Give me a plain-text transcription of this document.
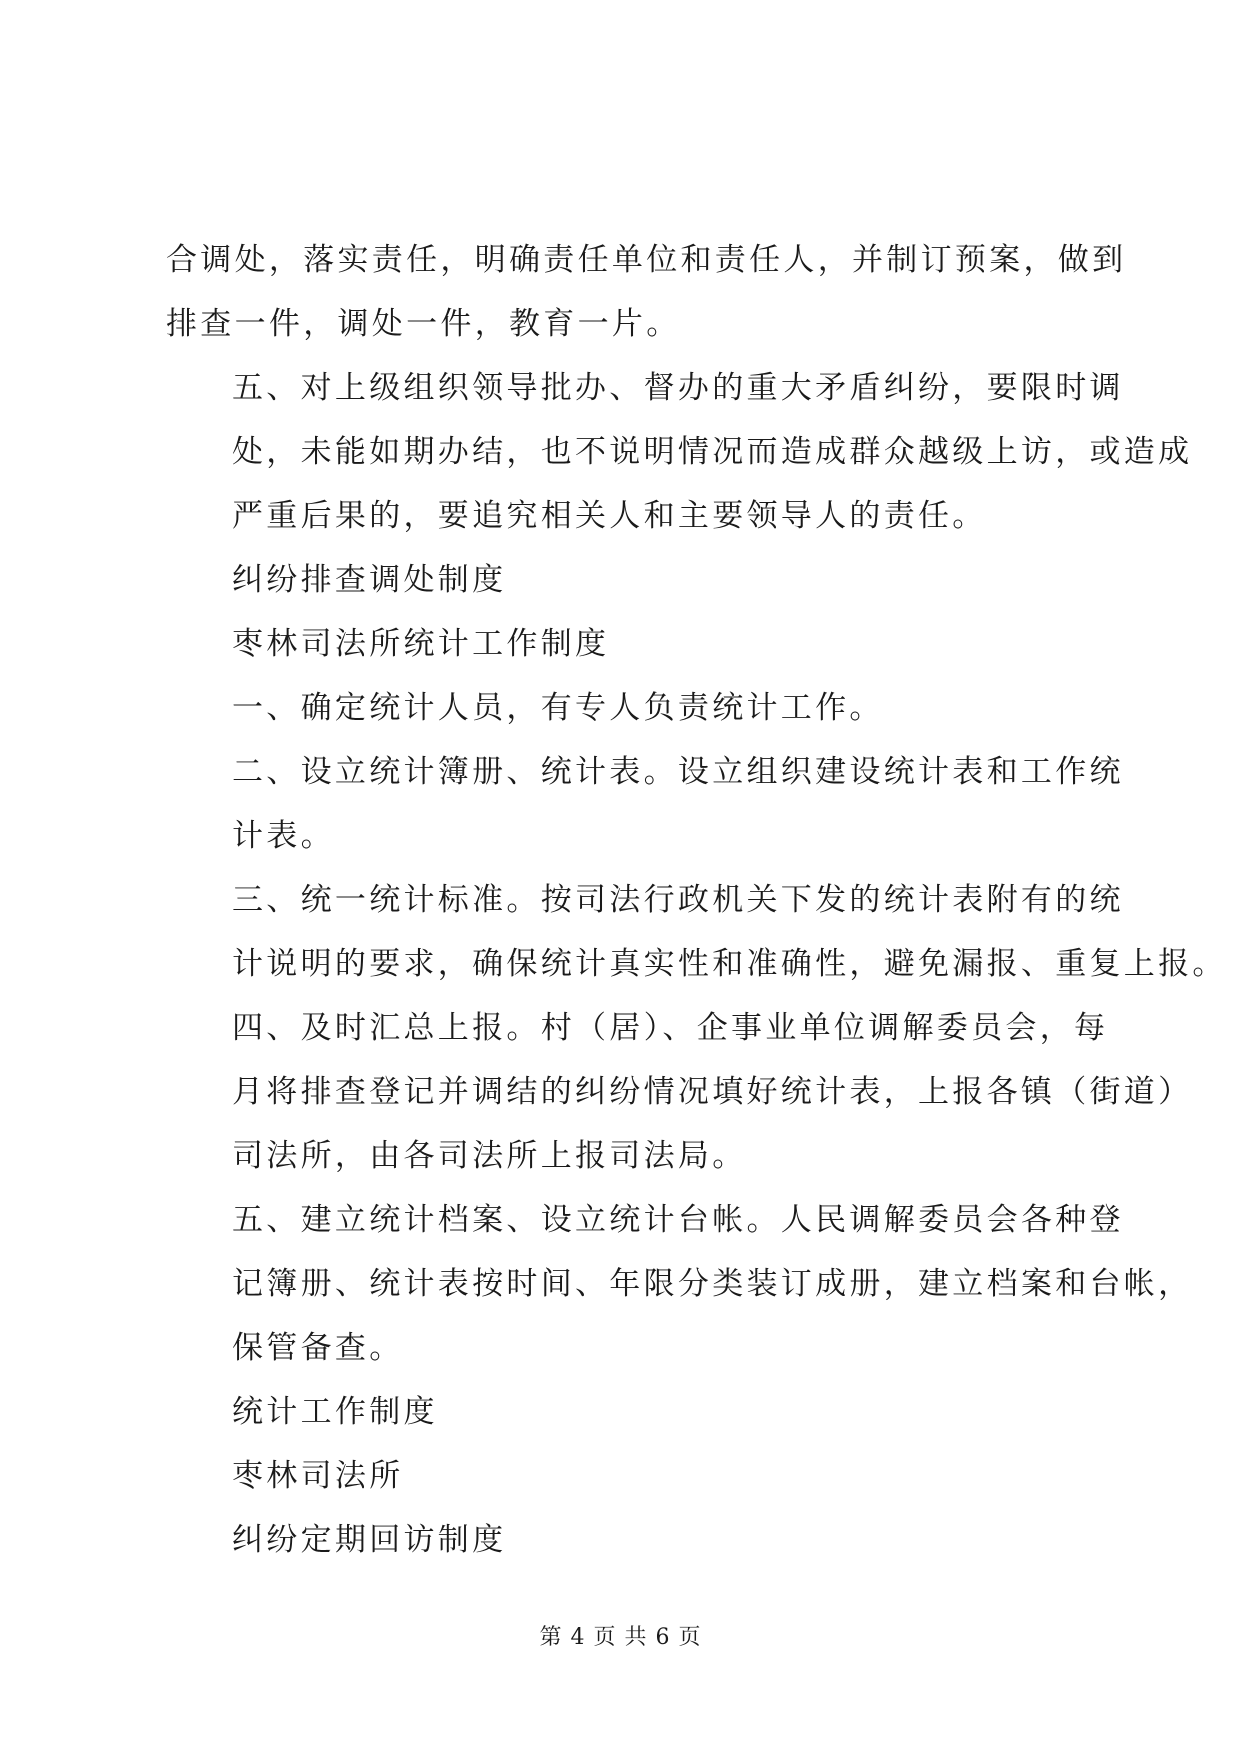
合调处，落实责任，明确责任单位和责任人，并制订预案，做到
排查一件，调处一件，教育一片。

五、对上级组织领导批办、督办的重大矛盾纠纷，要限时调
处，未能如期办结，也不说明情况而造成群众越级上访，或造成
严重后果的，要追究相关人和主要领导人的责任。

纠纷排查调处制度

枣林司法所统计工作制度

一、确定统计人员，有专人负责统计工作。

二、设立统计簿册、统计表。设立组织建设统计表和工作统
计表。

三、统一统计标准。按司法行政机关下发的统计表附有的统
计说明的要求，确保统计真实性和准确性，避免漏报、重复上报。

四、及时汇总上报。村（居）、企事业单位调解委员会，每
月将排查登记并调结的纠纷情况填好统计表，上报各镇（街道）
司法所，由各司法所上报司法局。

五、建立统计档案、设立统计台帐。人民调解委员会各种登
记簿册、统计表按时间、年限分类装订成册，建立档案和台帐，
保管备查。

统计工作制度

枣林司法所

纠纷定期回访制度

第 4 页 共 6 页
